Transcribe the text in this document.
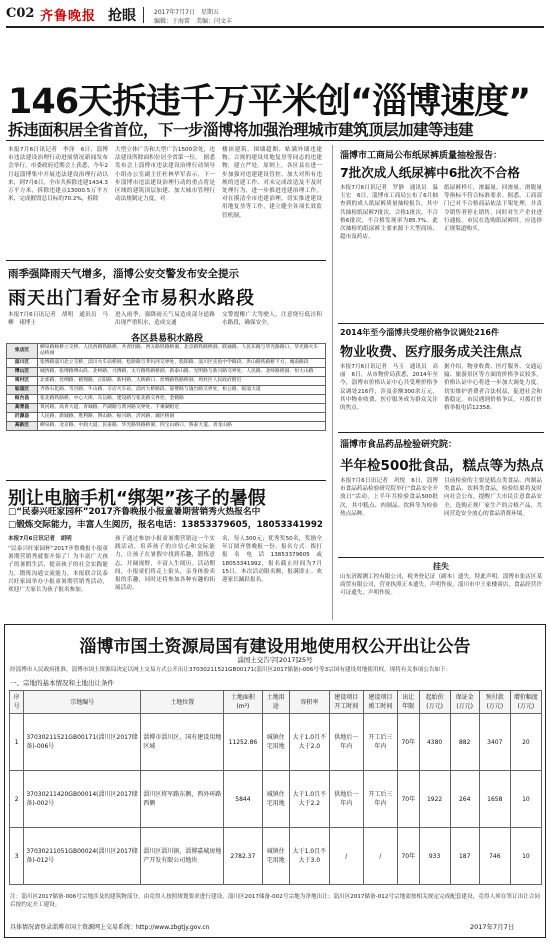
C02 齐鲁晚报 抢眼	2017年7月7日　星期五
编辑：于海雷　美编：闫文丰
146天拆违千万平米创“淄博速度”
拆违面积居全省首位，下一步淄博将加强治理城市建筑顶层加建等违建
本报7月6日讯记者　李泽　6日，淄博市违法建设治理行动进展情况新闻发布会举行。市委政府近期会上获悉，今年2月起淄博集中开展违法建设治理行动以来，到7月6日，全市共拆除违建1434.3万平方米，拆除违建点13000.5万平方米，完成摧毁总目标的70.2%，拆除
大型立体广告和大型广告1500余处，违法建设所除面积位居全省第一位。　据悉发布会上淄博市违法建设治理行动领导小组办公室副主任杜林毕军表示，下一步淄博市违法建设治理行动的重点将是区域的建筑顶层加建、加大城市管理行动法规制定力度，对
楼顶建筑、围墙超期、贴满外墙违建物、合规的建设用地复垦等同志的违建物，建立严处。原则上，各区县在进一步加强对违建建设管控、加大对所有违规的违建工作、对未完成改造及不及时处理行为，进一步推进违建治理工作。对在摸清全市违建治理，切实推进建设用地复垦等工作，建立健全各项长效监管机制。
雨季强降雨天气增多，淄博公安交警发布安全提示
雨天出门看好全市易积水路段
本报7月6日讯记者　胡明　通讯员　马柳　褚博士
进入雨季，强降雨天气易造成部分道路出现严重积水，造成交通
交警提醒广大驾驶人，注意绕行低洼积水路段，确保安全。
各区县易积水路段
张店区	柳泉路杨桥立交桥、人民西路铁路桥、共青团路、西五路铁路桥洞、北京路铁路桥洞、联通路、人民东路与华光路路口、华光路火车站桥洞
淄川区	张博路淄川北立交桥、淄川火车站桥洞、松龄路与孝妇河交界处、般阳路、淄川区实验中学路段、洪山路铁路桥下方、城南路段
博山区	城西路、张博路博山段、北岭路、兴博路、太行路铁路桥洞、新泰山路、光明路与新兴路交界处、人民路、北岭路桥洞、恒大山路
周村区	北郊路、丝绸路、鹤翔路、正阳路、新村路、大街路口、丝绸路铁路桥洞、周村区人民政府附近
临淄区	齐鲁石化路、雪宫路、牛山路、辛店火车站、淄河大桥路段、晏婴路与遄台路交界处、桓公路、临淄大道
桓台县	张北路铁路桥、中心大街、东岳路、建设路与张北路交界处、金鹤路
高青县	黄河路、高青大道、青城路、芦湖路与黄河路交界处、千乘湖附近
沂源县	人民路、新城路、胜利路、荆山路、振兴路、沂河路、城区桥洞
高新区	柳泉路、北京路、中润大道、民泰路、华光路铁路桥洞、四宝山路口、鲁泰大道、青龙山路
别让电脑手机“绑架”孩子的暑假
□“民泰兴旺家园杯”2017齐鲁晚报小报童暑期营销秀火热报名中
□锻炼交际能力，丰富人生阅历，报名电话：13853379605，18053341992
本报7月6日讯记者　胡明
“民泰兴旺家园杯”2017齐鲁晚报小报童暑期营销秀就要开始了！为丰富广大孩子的暑假生活，提高孩子的社会实践能力，锻炼沟通交流能力，本报联合民泰兴旺家园举办小报童暑期营销秀活动，欢迎广大家长为孩子报名参加。
孩子通过参加小报童暑期营销这一个实践活动，培养孩子的自信心和交际能力，让孩子在暑假中找到乐趣，锻炼意志，开阔视野，丰富人生阅历。活动期间，小报童们将走上街头，亲身体验卖报的乐趣，同时还将参加各种有趣的拓展活动。
名，每人300元；优秀奖50名，奖励全年订阅齐鲁晚报一份。报名方式：拨打报名电话13853379605或18053341992，报名截止时间为7月15日。本次活动限名额，报满即止。欢迎家长踊跃报名。
淄博市工商局公布纸尿裤质量抽检报告：
7批次成人纸尿裤中6批次不合格
本报7月6日讯记者　罗静　通讯员　温玉宏　6日，淄博市工商局公布了6月抽查到的成人纸尿裤质量抽检报告，其中共抽检纸尿裤7批次，合格1批次，不合格6批次，不合格发现率为85.7%。此次抽检的纸尿裤主要来源于大型商场、超市及药店。
纸尿裤样片，渗漏量、回渗量、滑脱量等指标不符合标准要求。据悉，工商部门已对不合格商品依法下架处理，并责令销售者停止销售，同时对生产企业进行通报。市民在选购纸尿裤时，应选择正规渠道购买。
2014年至今淄博共受理价格争议调处216件
物业收费、医疗服务成关注焦点
本报7月6日讯记者　马玉　通讯员　高丽　6日，从市物价局获悉，2014年至今，淄博市价格认证中心共受理价格争议调处216件，涉及金额300余万元，其中物业收费、医疗服务成为群众关注的焦点。
据介绍，物业收费、医疗服务、交通运输、旅游景区等方面的价格争议较多。价格认证中心将进一步加大调处力度，切实维护消费者合法权益，促进社会和谐稳定。市民遇到价格争议，可拨打价格举报电话12358。
淄博市食品药品检验研究院：
半年检500批食品，糕点等为热点
本报7月6日讯记者　巩悦　6日，淄博市食品药品检验研究院举行“食品安全开放日”活动，上半年共检验食品500批次，其中糕点、肉制品、饮料等为检验热点品种。
目前检验的主要是糕点类食品、肉制品类食品、饮料类食品，检验结果将及时向社会公布，提醒广大市民注意食品安全，选购正规厂家生产的合格产品，共同营造安全放心的食品消费环境。
挂失
山东济源测工控有限公司，税务登记证（副本）遗失，特此声明。淄博市张店区某商贸有限公司，营业执照正本遗失，声明作废。淄川市中王家楼商店，食品经营许可证遗失，声明作废。
淄博市国土资源局国有建设用地使用权公开出让公告
淄国土交告字[2017]25号
经淄博市人民政府批准，淄博市国土资源局决定以网上交易方式公开出让37030211521GB00171(淄川区2017储备)-006号等3宗国有建设用地使用权。现将有关事项公告如下：
一、宗地的基本情况和土地出让条件
序号	宗地编号	土地位置	土地面积(m²)	土地用途	容积率	建设项目开工时间	建设项目竣工时间	出让年限	起始价(万元)	保证金(万元)	预付款(万元)	增价幅度(万元)
1	37030211521GB00171(淄川区2017储备)-006号	淄博市淄川区，国有建设用地区域	11252.86	城镇住宅用地	大于1.0且不大于2.0	供地后一年内	开工后三年内	70年	4380	882	3407	20
2	37030211420GB00014(淄川区2017储备)-002号	淄川区将军路东侧，西外环路西侧	5844	城镇住宅用地	大于1.0且不大于2.2	供地后一年内	开工后三年内	70年	1922	264	1658	10
3	37030211051GB00024(淄川区2017储备)-012号	淄川区淄川镇，淄博嘉城房地产开发有限公司地块	2782.37	城镇住宅用地	大于1.0且不大于3.0	/	/	70年	933	187	746	10
注：淄川区2017储备-006号宗地涉及的建筑物部分，由竞得人按照规划要求进行建设。淄川区2017储备-002号宗地为净地出让；淄川区2017储备-012号宗地需按相关规定完成配套建设，竞得人须在签订出让合同后按约定开工建设。
具体情况请登录淄博市国土资源网上交易系统：http://www.zbgtjy.gov.cn	2017年7月7日
